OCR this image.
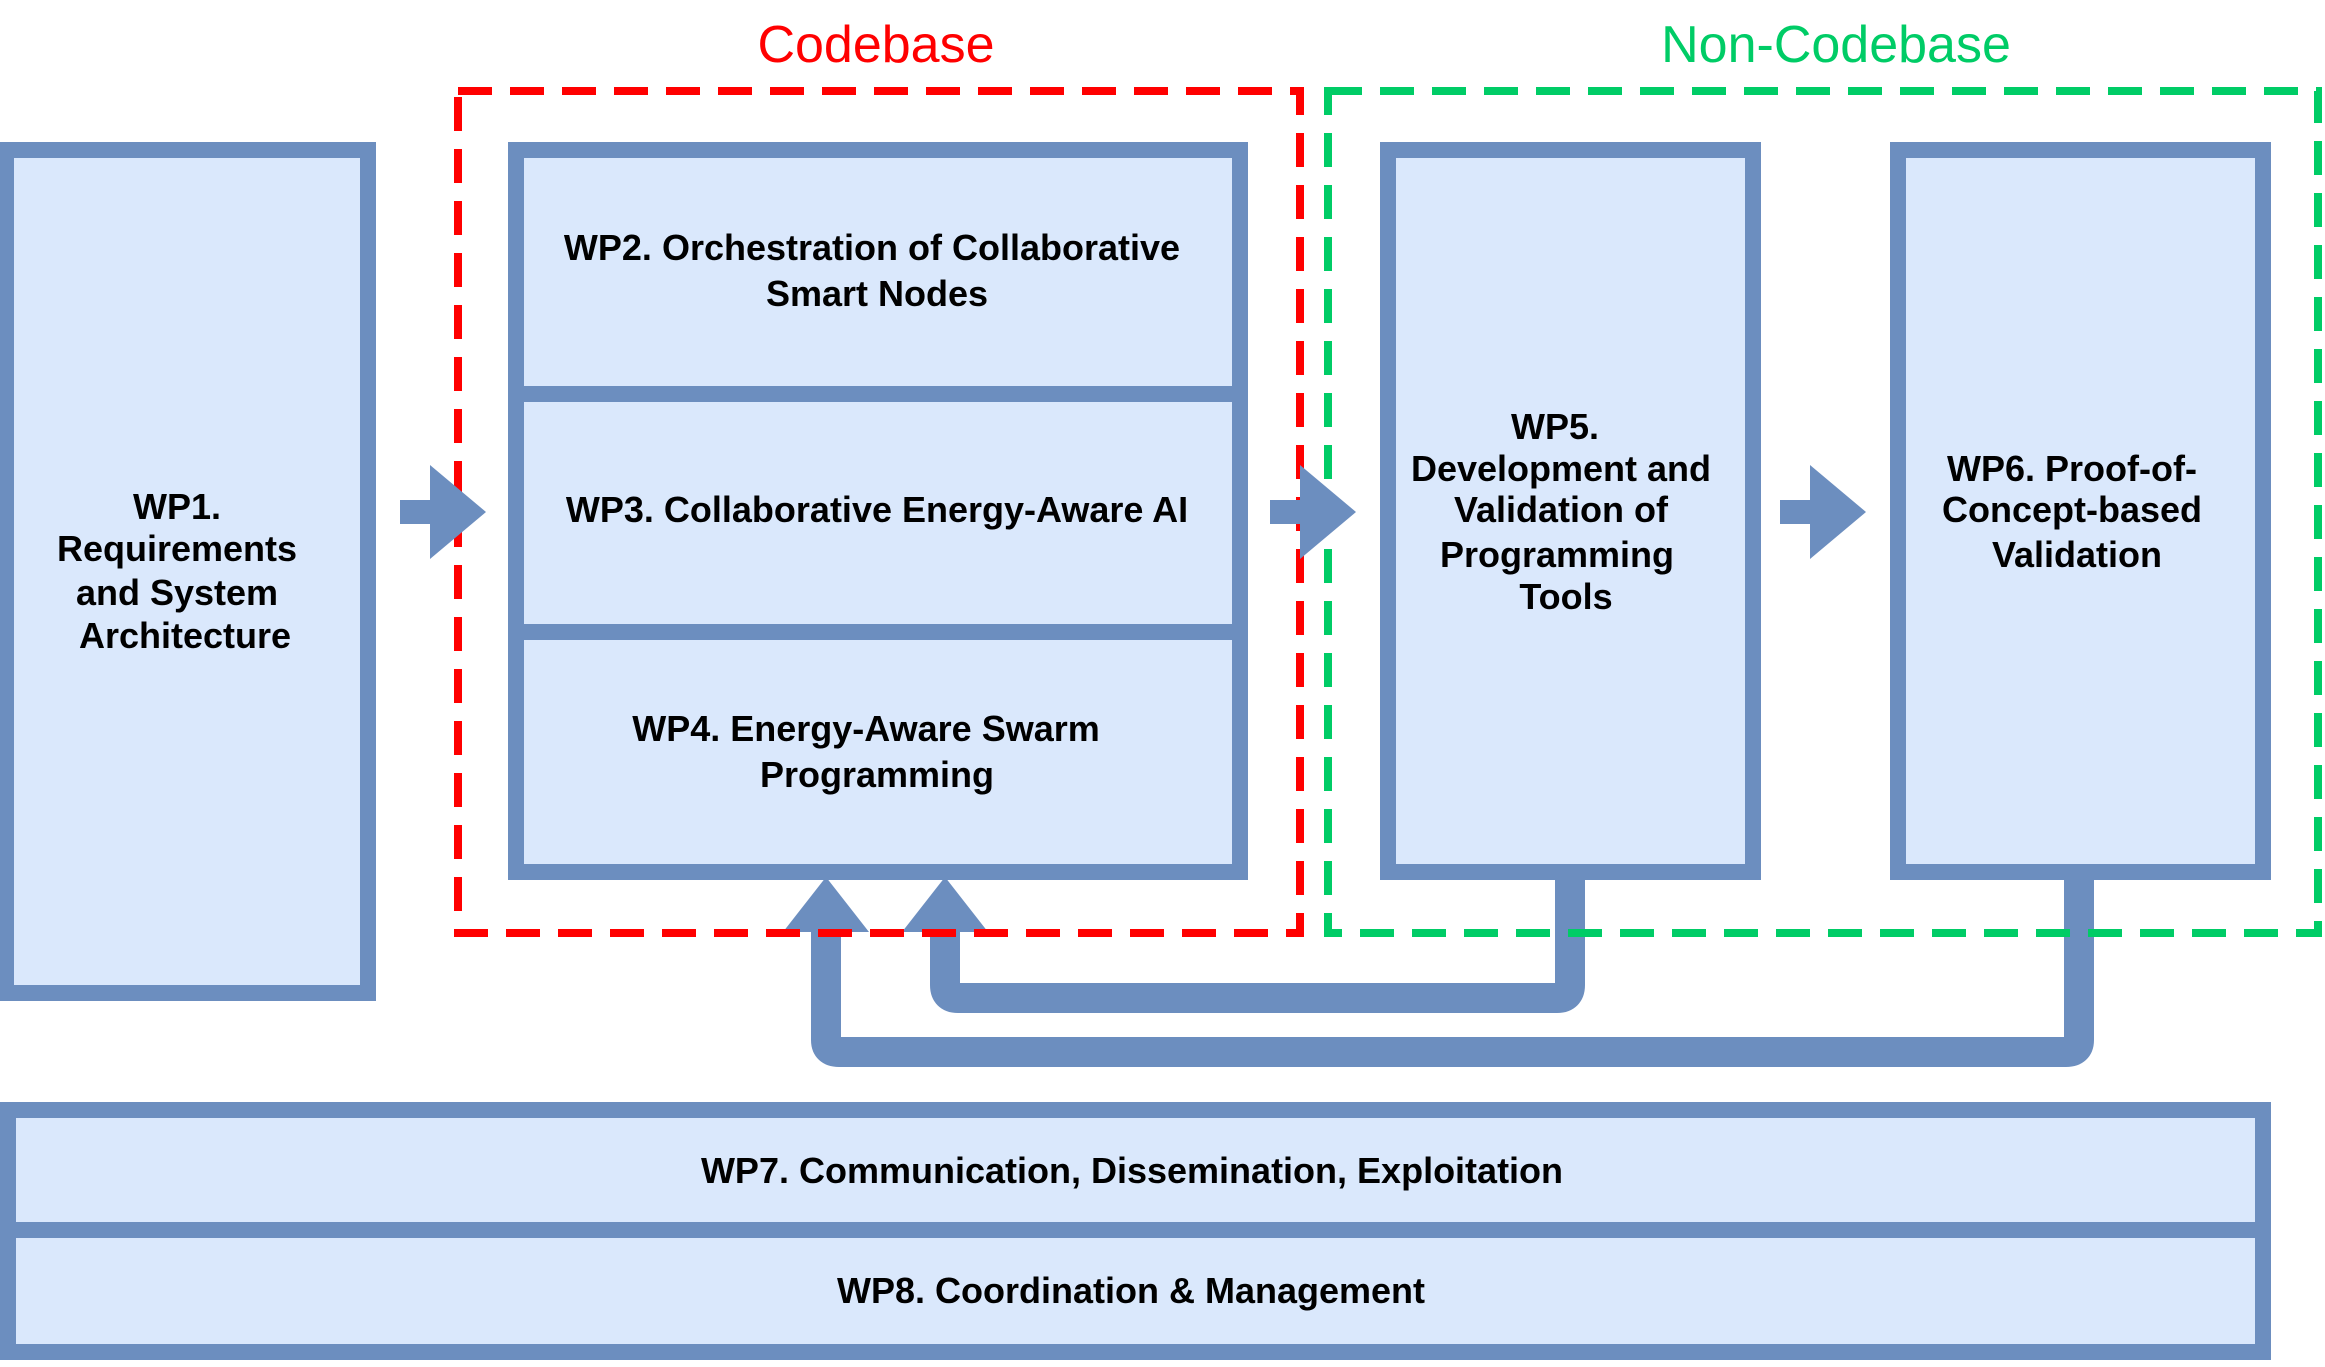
Codebase	Non-Codebase
WP1. Requirements and System Architecture
WP2. Orchestration of Collaborative Smart Nodes
WP3. Collaborative Energy-Aware AI
WP4. Energy-Aware Swarm Programming
WP5. Development and Validation of Programming Tools
WP6. Proof-of- Concept-based Validation
WP7. Communication, Dissemination, Exploitation
WP8. Coordination & Management
